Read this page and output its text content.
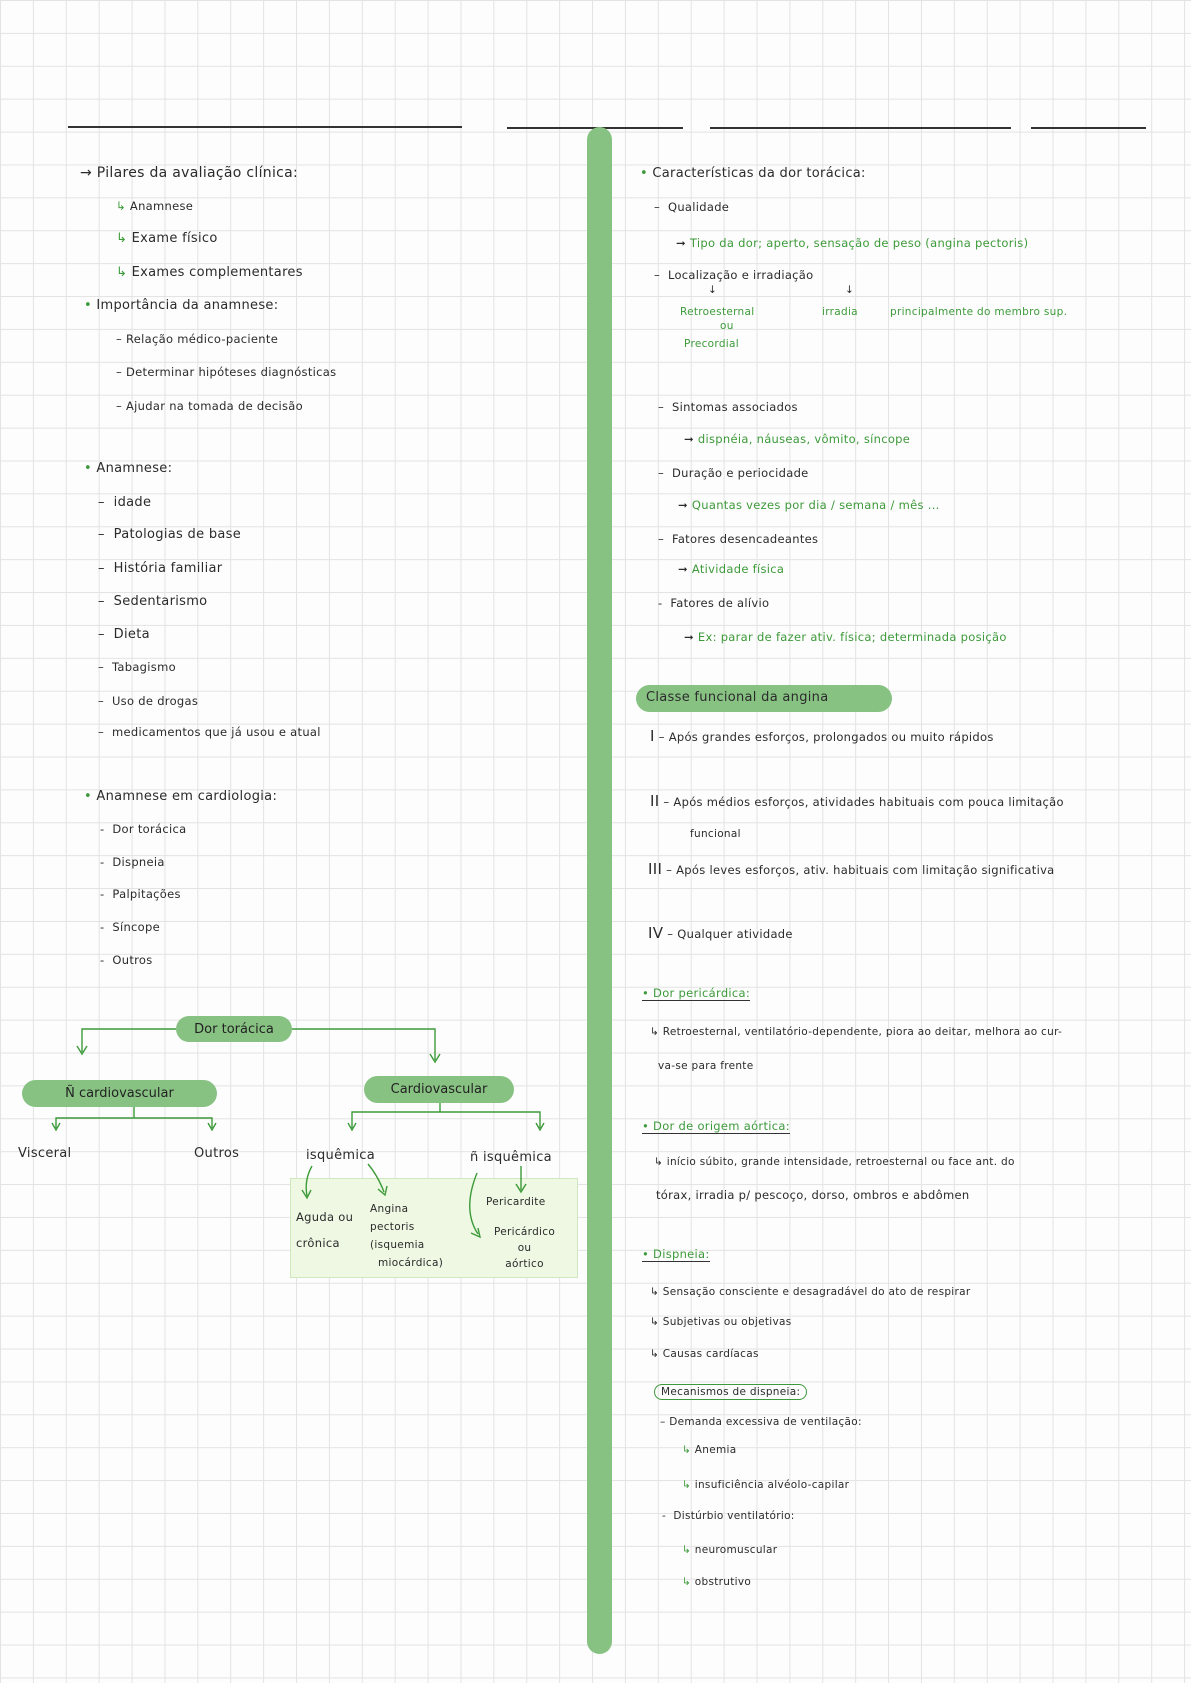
→ Pilares da avaliação clínica:
↳ Anamnese
↳ Exame físico
↳ Exames complementares
• Importância da anamnese:
– Relação médico-paciente
– Determinar hipóteses diagnósticas
– Ajudar na tomada de decisão
• Anamnese:
–  idade
–  Patologias de base
–  História familiar
–  Sedentarismo
–  Dieta
–  Tabagismo
–  Uso de drogas
–  medicamentos que já usou e atual
• Anamnese em cardiologia:
-  Dor torácica
-  Dispneia
-  Palpitações
-  Síncope
-  Outros
Dor torácica
Ñ cardiovascular	Cardiovascular
Visceral	Outros	isquêmica	ñ isquêmica
Aguda ou
crônica
Angina
pectoris
(isquemia
miocárdica)
Pericardite
Pericárdico
ou
aórtico
• Características da dor torácica:
–  Qualidade
➞ Tipo da dor; aperto, sensação de peso (angina pectoris)
–  Localização e irradiação
↓	↓
Retroesternal
ou
Precordial
irradia	principalmente do membro sup.
–  Sintomas associados
➞ dispnéia, náuseas, vômito, síncope
–  Duração e periocidade
➞ Quantas vezes por dia / semana / mês ...
–  Fatores desencadeantes
➞ Atividade física
-  Fatores de alívio
➞ Ex: parar de fazer ativ. física; determinada posição
Classe funcional da angina
I – Após grandes esforços, prolongados ou muito rápidos
II – Após médios esforços, atividades habituais com pouca limitação
funcional
III – Após leves esforços, ativ. habituais com limitação significativa
IV – Qualquer atividade
• Dor pericárdica:
↳ Retroesternal, ventilatório-dependente, piora ao deitar, melhora ao cur-
va-se para frente
• Dor de origem aórtica:
↳ início súbito, grande intensidade, retroesternal ou face ant. do
tórax, irradia p/ pescoço, dorso, ombros e abdômen
• Dispneia:
↳ Sensação consciente e desagradável do ato de respirar
↳ Subjetivas ou objetivas
↳ Causas cardíacas
Mecanismos de dispneia:
– Demanda excessiva de ventilação:
↳ Anemia
↳ insuficiência alvéolo-capilar
-  Distúrbio ventilatório:
↳ neuromuscular
↳ obstrutivo
